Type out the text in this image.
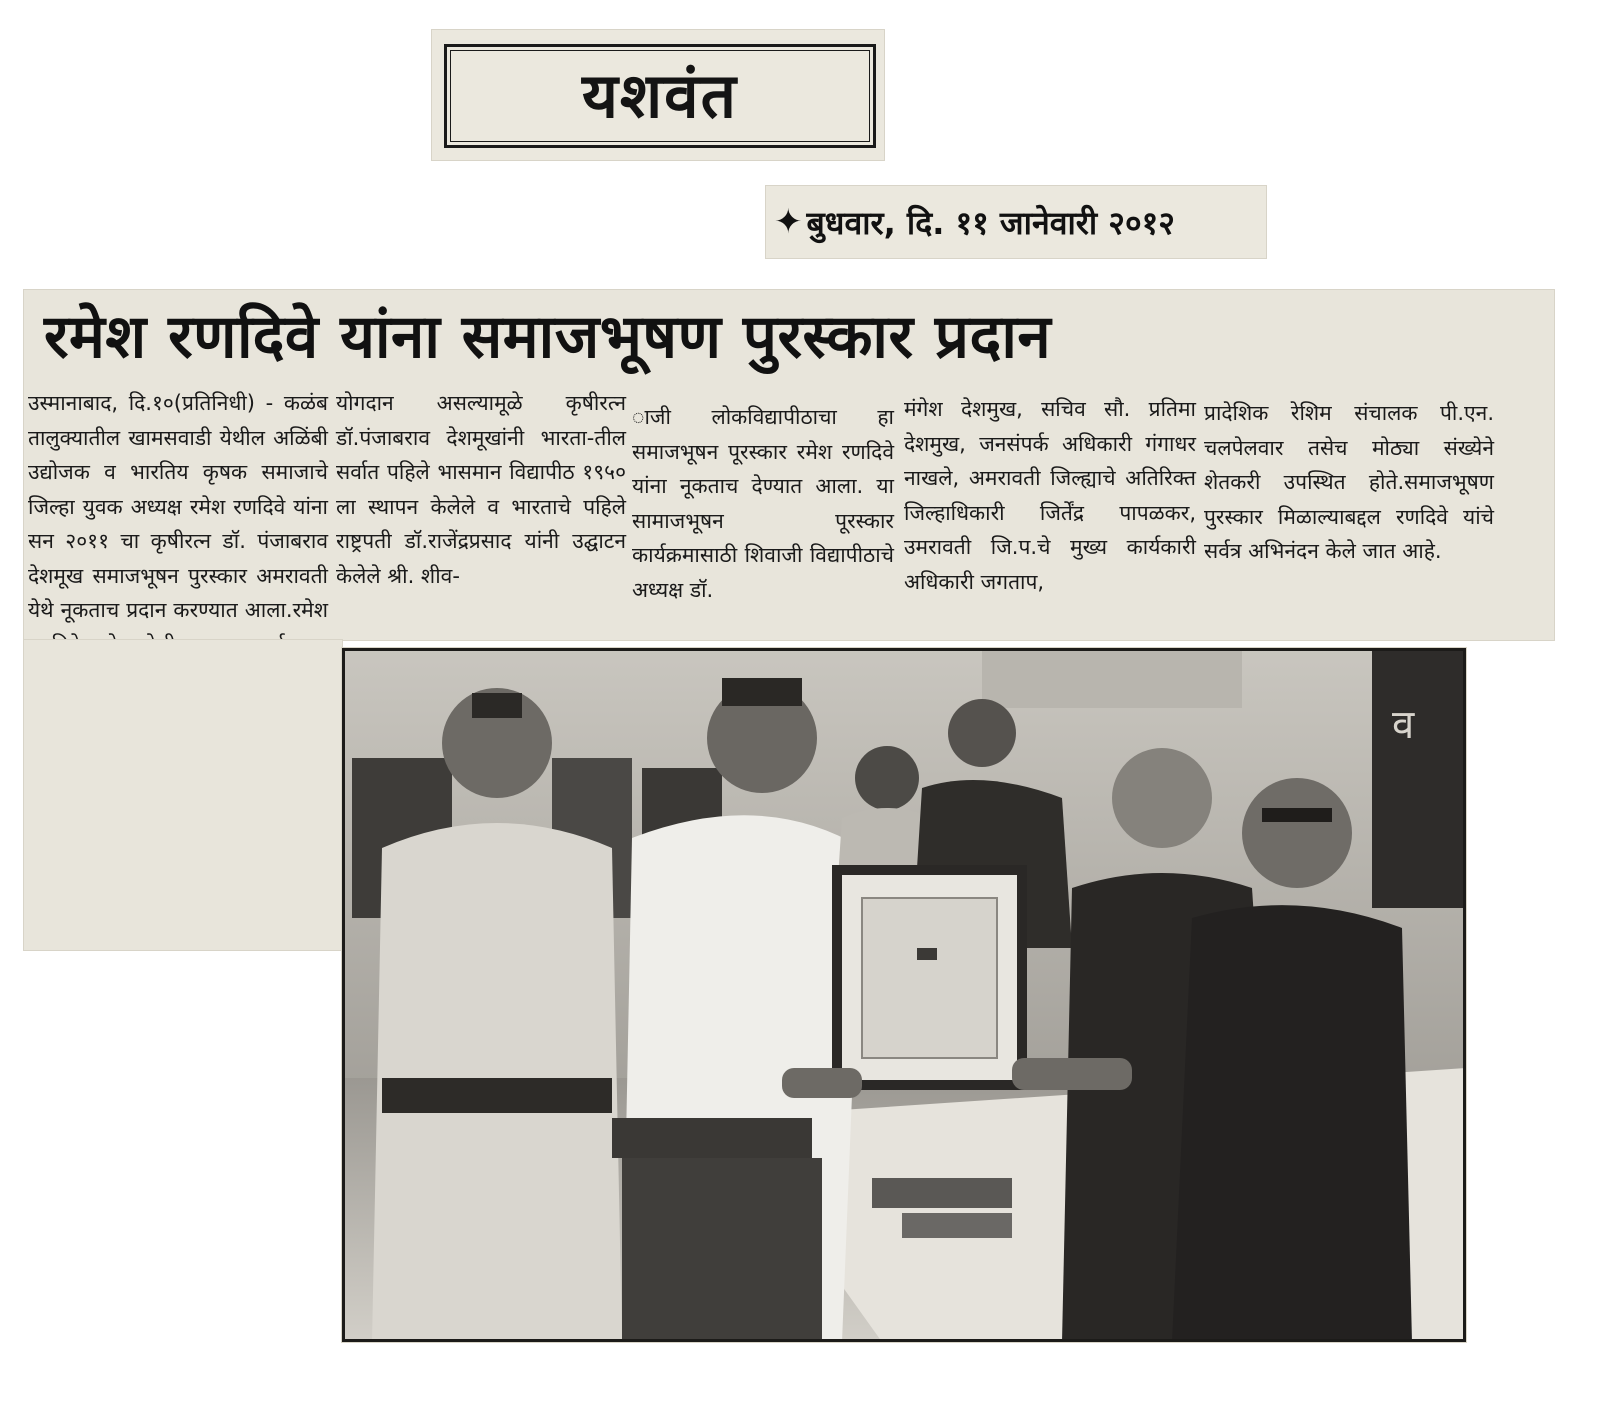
यशवंत
✦ बुधवार, दि. ११ जानेवारी २०१२
रमेश रणदिवे यांना समाजभूषण पुरस्कार प्रदान

उस्मानाबाद, दि.१०(प्रतिनिधी) - कळंब तालुक्यातील खामसवाडी येथील अळिंबी उद्योजक व भारतिय कृषक समाजाचे जिल्हा युवक अध्यक्ष रमेश रणदिवे यांना सन २०११ चा कृषीरत्न डॉ. पंजाबराव देशमूख समाजभूषन पुरस्कार अमरावती येथे नूकताच प्रदान करण्यात आला.रमेश

योगदान असल्यामूळे कृषीरत्न डॉ.पंजाबराव देशमूखांनी भारता-तील सर्वात पहिले भासमान विद्यापीठ १९५० ला स्थापन केलेले व भारताचे पहिले राष्ट्रपती डॉ.राजेंद्रप्रसाद यांनी उद्घाटन केलेले श्री. शीव-

ाजी लोकविद्यापीठाचा हा समाजभूषन पूरस्कार रमेश रणदिवे यांना नूकताच देण्यात आला. या सामाजभूषन पूरस्कार कार्यक्रमासाठी शिवाजी विद्यापीठाचे अध्यक्ष डॉ.

मंगेश देशमुख, सचिव सौ. प्रतिमा देशमुख, जनसंपर्क अधिकारी गंगाधर नाखले, अमरावती जिल्ह्याचे अतिरिक्त जिल्हाधिकारी जिर्तेंद्र पापळकर, उमरावती जि.प.चे मुख्य कार्यकारी अधिकारी जगताप,

प्रादेशिक रेशिम संचालक पी.एन. चलपेलवार तसेच मोठ्या संख्येने शेतकरी उपस्थित होते.समाजभूषण पुरस्कार मिळाल्याबद्दल रणदिवे यांचे सर्वत्र अभिनंदन केले जात आहे.

व
